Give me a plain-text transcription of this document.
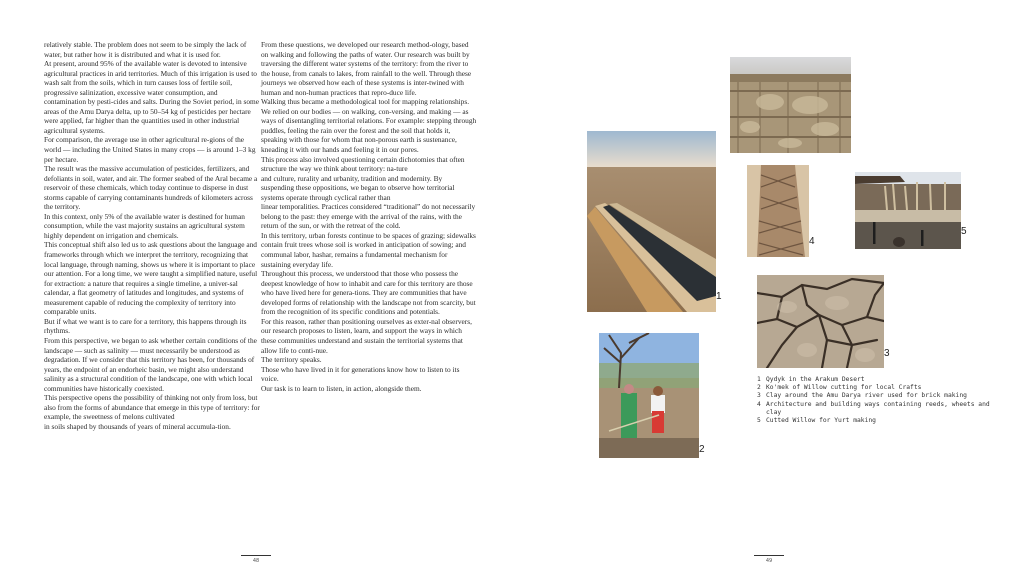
relatively stable. The problem does not seem to be simply the lack of water, but rather how it is distributed and what it is used for.

At present, around 95% of the available water is devoted to intensive agricultural practices in arid territories. Much of this irrigation is used to wash salt from the soils, which in turn causes loss of fertile soil, progressive salinization, excessive water consumption, and contamination by pesti-cides and salts. During the Soviet period, in some areas of the Amu Darya delta, up to 50–54 kg of pesticides per hectare were applied, far higher than the quantities used in other industrial agricultural systems.

For comparison, the average use in other agricultural re-gions of the world — including the United States in many crops — is around 1–3 kg per hectare.

The result was the massive accumulation of pesticides, fertilizers, and defoliants in soil, water, and air. The former seabed of the Aral became a reservoir of these chemicals, which today continue to disperse in dust storms capable of carrying contaminants hundreds of kilometers across the territory.

In this context, only 5% of the available water is destined for human consumption, while the vast majority sustains an agricultural system highly dependent on irrigation and chemicals.

This conceptual shift also led us to ask questions about the language and frameworks through which we interpret the territory, recognizing that local language, through naming, shows us where it is important to place our attention. For a long time, we were taught a simplified nature, useful for extraction: a nature that requires a single timeline, a univer-sal calendar, a flat geometry of latitudes and longitudes, and systems of measurement capable of reducing the complexity of territory into comparable units.

But if what we want is to care for a territory, this happens through its rhythms.

From this perspective, we began to ask whether certain conditions of the landscape — such as salinity — must necessarily be understood as degradation. If we consider that this territory has been, for thousands of years, the endpoint of an endorheic basin, we might also understand salinity as a structural condition of the landscape, one with which local communities have historically coexisted.

This perspective opens the possibility of thinking not only from loss, but also from the forms of abundance that emerge in this type of territory: for example, the sweetness of melons cultivated

in soils shaped by thousands of years of mineral accumula-tion.

From these questions, we developed our research method-ology, based on walking and following the paths of water. Our research was built by traversing the different water systems of the territory: from the river to the house, from canals to lakes, from rainfall to the well. Through these journeys we observed how each of these systems is inter-twined with human and non-human practices that repro-duce life.

Walking thus became a methodological tool for mapping relationships. We relied on our bodies — on walking, con-versing, and making — as ways of disentangling territorial relations. For example: stepping through puddles, feeling the rain over the forest and the soil that holds it, speaking with those for whom that non-porous earth is sustenance, kneading it with our hands and feeling it in our pores.

This process also involved questioning certain dichotomies that often structure the way we think about territory: na-ture

and culture, rurality and urbanity, tradition and modernity. By suspending these oppositions, we began to observe how territorial systems operate through cyclical rather than

linear temporalities. Practices considered “traditional” do not necessarily belong to the past: they emerge with the arrival of the rains, with the return of the sun, or with the retreat of the cold.

In this territory, urban forests continue to be spaces of grazing; sidewalks contain fruit trees whose soil is worked in anticipation of sowing; and communal labor, hashar, remains a fundamental mechanism for sustaining everyday life.

Throughout this process, we understood that those who possess the deepest knowledge of how to inhabit and care for this territory are those who have lived here for genera-tions. They are communities that have developed forms of relationship with the landscape not from scarcity, but from the recognition of its specific conditions and potentials.

For this reason, rather than positioning ourselves as exter-nal observers, our research proposes to listen, learn, and support the ways in which these communities understand and sustain the territorial systems that allow life to conti-nue.

The territory speaks.

Those who have lived in it for generations know how to listen to its voice.

Our task is to learn to listen, in action, alongside them.

48
1
2
3
4
5
1 Qydyk in the Arakum Desert
2 Ko'mek of Willow cutting for local Crafts
3 Clay around the Amu Darya river used for brick making
4 Architecture and building ways containing reeds, wheets and clay
5 Cutted Willow for Yurt making
49
